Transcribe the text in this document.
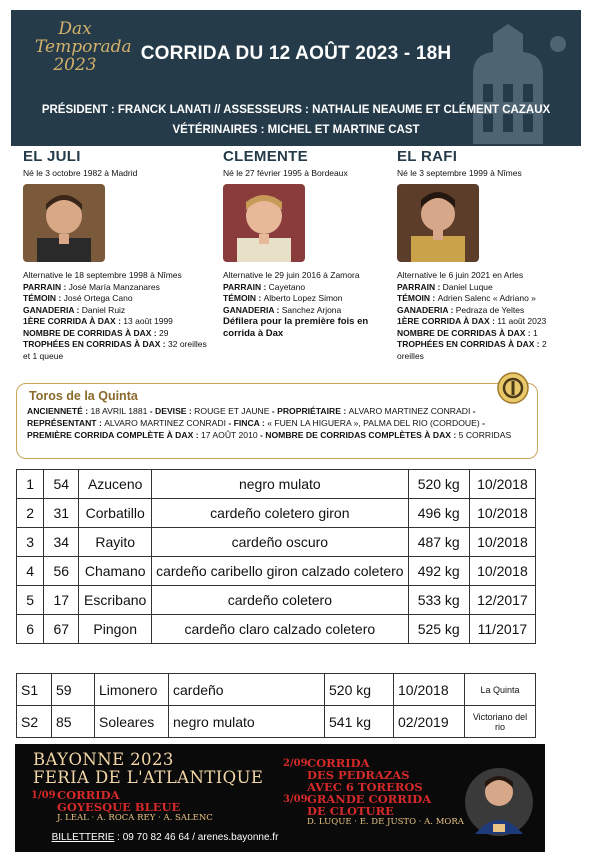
Dax
Temporada
2023
CORRIDA DU 12 AOÛT 2023 - 18H
PRÉSIDENT : FRANCK LANATI // ASSESSEURS : NATHALIE NEAUME ET CLÉMENT CAZAUX
VÉTÉRINAIRES : MICHEL ET MARTINE CAST
EL JULI
Né le 3 octobre 1982 à Madrid
Alternative le 18 septembre 1998 à Nîmes
PARRAIN : José María Manzanares
TÉMOIN : José Ortega Cano
GANADERIA : Daniel Ruiz
1ÈRE CORRIDA À DAX : 13 août 1999
NOMBRE DE CORRIDAS À DAX : 29
TROPHÉES EN CORRIDAS À DAX : 32 oreilles et 1 queue
CLEMENTE
Né le 27 février 1995 à Bordeaux
Alternative le 29 juin 2016 à Zamora
PARRAIN : Cayetano
TÉMOIN : Alberto Lopez Simon
GANADERIA : Sanchez Arjona
Défilera pour la première fois en corrida à Dax
EL RAFI
Né le 3 septembre 1999 à Nîmes
Alternative le 6 juin 2021 en Arles
PARRAIN : Daniel Luque
TÉMOIN : Adrien Salenc « Adriano »
GANADERIA : Pedraza de Yeltes
1ÈRE CORRIDA À DAX : 11 août 2023
NOMBRE DE CORRIDAS À DAX : 1
TROPHÉES EN CORRIDAS À DAX : 2 oreilles
Toros de la Quinta
ANCIENNETÉ : 18 AVRIL 1881 - DEVISE : ROUGE ET JAUNE - PROPRIÉTAIRE : ALVARO MARTINEZ CONRADI - REPRÉSENTANT : ALVARO MARTINEZ CONRADI - FINCA : « FUEN LA HIGUERA », PALMA DEL RIO (CORDOUE) - PREMIÈRE CORRIDA COMPLÈTE À DAX : 17 AOÛT 2010 - NOMBRE DE CORRIDAS COMPLÈTES À DAX : 5 CORRIDAS
1	54	Azuceno	negro mulato	520 kg	10/2018
2	31	Corbatillo	cardeño coletero giron	496 kg	10/2018
3	34	Rayito	cardeño oscuro	487 kg	10/2018
4	56	Chamano	cardeño caribello giron calzado coletero	492 kg	10/2018
5	17	Escribano	cardeño coletero	533 kg	12/2017
6	67	Pingon	cardeño claro calzado coletero	525 kg	11/2017
S1	59	Limonero	cardeño	520 kg	10/2018	La Quinta
S2	85	Soleares	negro mulato	541 kg	02/2019	Victoriano del rio
BAYONNE 2023
FERIA DE L'ATLANTIQUE
1/09 CORRIDA
GOYESQUE BLEUE
J. LEAL · A. ROCA REY · A. SALENC
2/09 CORRIDA
DES PEDRAZAS
AVEC 6 TOREROS
3/09 GRANDE CORRIDA
DE CLOTURE
D. LUQUE · E. DE JUSTO · A. MORA
BILLETTERIE : 09 70 82 46 64 / arenes.bayonne.fr
